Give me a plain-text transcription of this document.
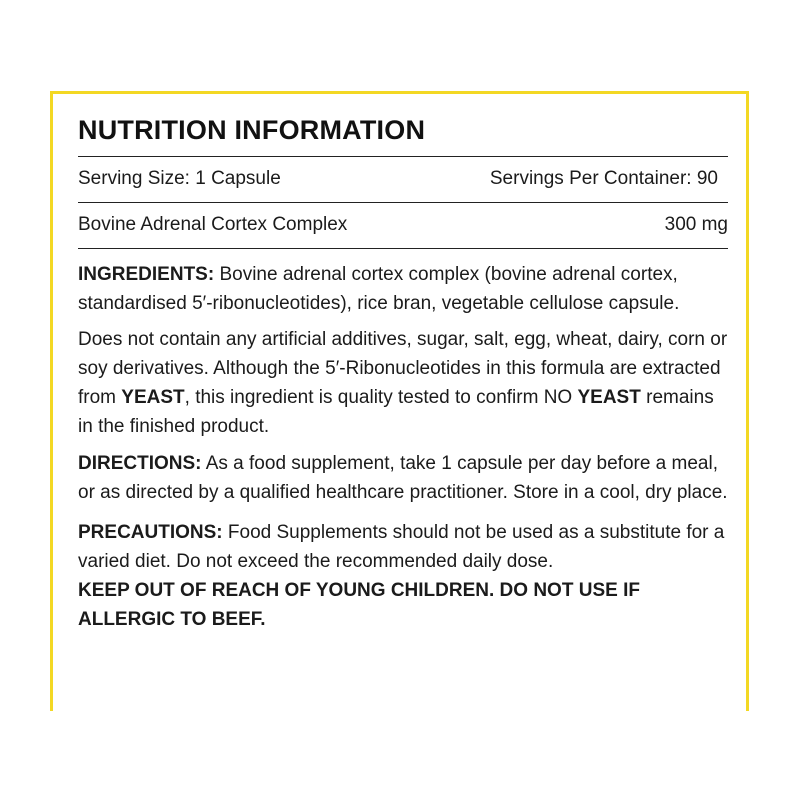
NUTRITION INFORMATION
Serving Size: 1 Capsule	Servings Per Container: 90
Bovine Adrenal Cortex Complex	300 mg

INGREDIENTS: Bovine adrenal cortex complex (bovine adrenal cortex, standardised 5′-ribonucleotides), rice bran, vegetable cellulose capsule.

Does not contain any artificial additives, sugar, salt, egg, wheat, dairy, corn or soy derivatives. Although the 5′-Ribonucleotides in this formula are extracted from YEAST, this ingredient is quality tested to confirm NO YEAST remains in the finished product.

DIRECTIONS: As a food supplement, take 1 capsule per day before a meal, or as directed by a qualified healthcare practitioner. Store in a cool, dry place.

PRECAUTIONS: Food Supplements should not be used as a substitute for a varied diet. Do not exceed the recommended daily dose.
KEEP OUT OF REACH OF YOUNG CHILDREN. DO NOT USE IF ALLERGIC TO BEEF.
